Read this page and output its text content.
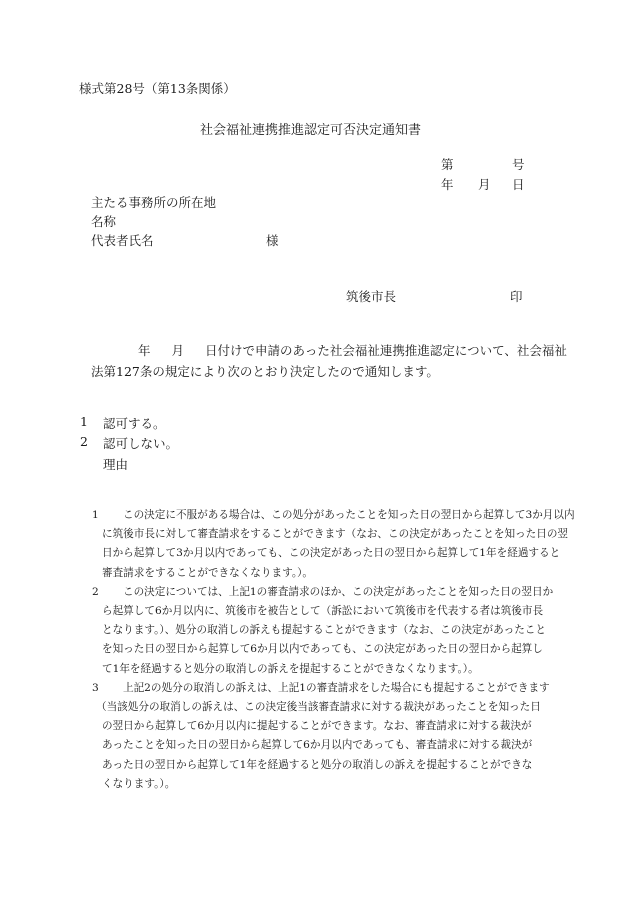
様式第28号（第13条関係）
社会福祉連携推進認定可否決定通知書
第	号
年 月 日
主たる事務所の所在地
名称
代表者氏名	様
筑後市長	印
年 月 日付けで申請のあった社会福祉連携推進認定について、社会福祉
法第127条の規定により次のとおり決定したので通知します。
1 認可する。
2 認可しない。
理由
1	この決定に不服がある場合は、この処分があったことを知った日の翌日から起算して3か月以内
に筑後市長に対して審査請求をすることができます（なお、この決定があったことを知った日の翌
日から起算して3か月以内であっても、この決定があった日の翌日から起算して1年を経過すると
審査請求をすることができなくなります。）。
2	この決定については、上記1の審査請求のほか、この決定があったことを知った日の翌日か
ら起算して6か月以内に、筑後市を被告として（訴訟において筑後市を代表する者は筑後市長
となります。）、処分の取消しの訴えも提起することができます（なお、この決定があったこと
を知った日の翌日から起算して6か月以内であっても、この決定があった日の翌日から起算し
て1年を経過すると処分の取消しの訴えを提起することができなくなります。）。
3	上記2の処分の取消しの訴えは、上記1の審査請求をした場合にも提起することができます
（当該処分の取消しの訴えは、この決定後当該審査請求に対する裁決があったことを知った日
の翌日から起算して6か月以内に提起することができます。なお、審査請求に対する裁決が
あったことを知った日の翌日から起算して6か月以内であっても、審査請求に対する裁決が
あった日の翌日から起算して1年を経過すると処分の取消しの訴えを提起することができな
くなります。）。
